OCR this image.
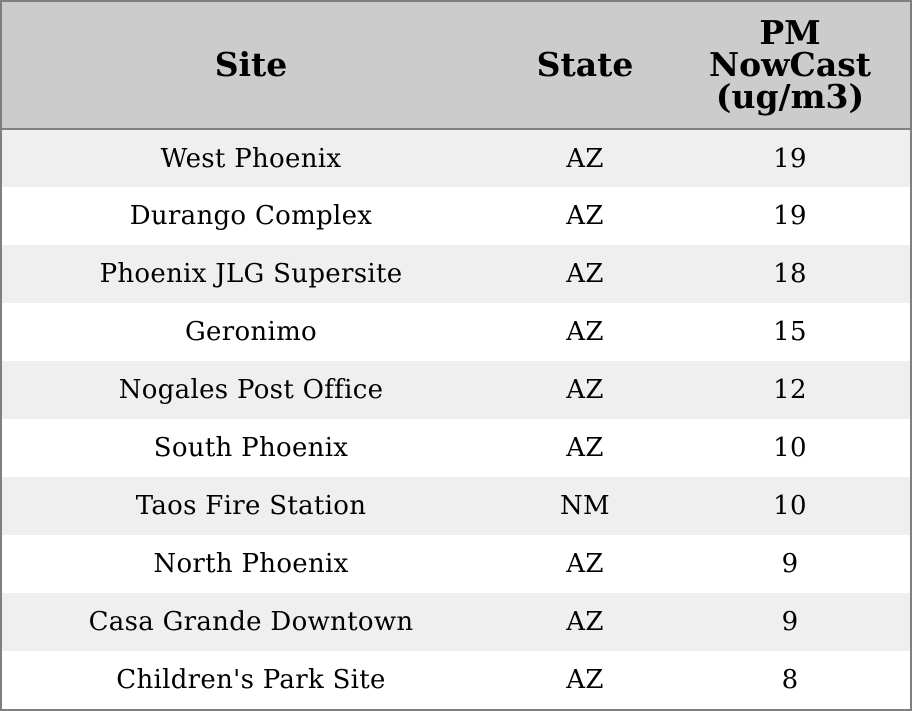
Site	State	PM
NowCast
(ug/m3)

West Phoenix	AZ	19
Durango Complex	AZ	19
Phoenix JLG Supersite	AZ	18
Geronimo	AZ	15
Nogales Post Office	AZ	12
South Phoenix	AZ	10
Taos Fire Station	NM	10
North Phoenix	AZ	9
Casa Grande Downtown	AZ	9
Children's Park Site	AZ	8
